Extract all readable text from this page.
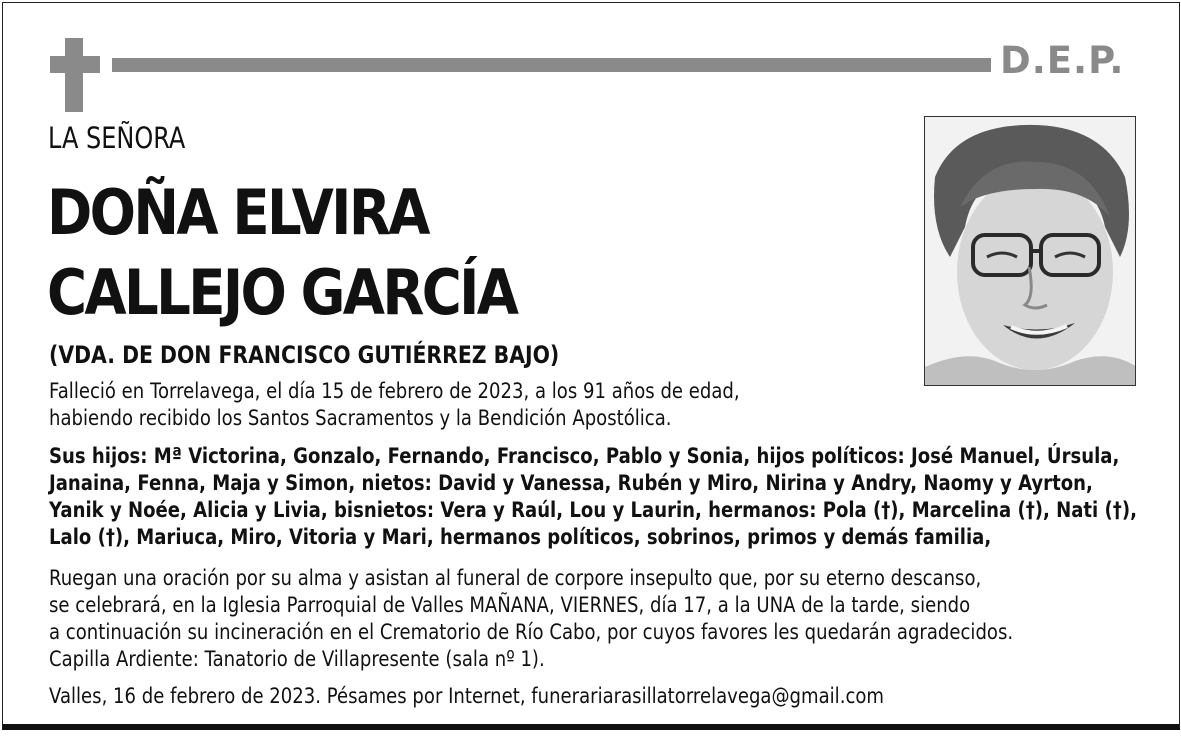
D.E.P.
LA SEÑORA
DOÑA ELVIRA
CALLEJO GARCÍA
(VDA. DE DON FRANCISCO GUTIÉRREZ BAJO)
Falleció en Torrelavega, el día 15 de febrero de 2023, a los 91 años de edad,
habiendo recibido los Santos Sacramentos y la Bendición Apostólica.
Sus hijos: Mª Victorina, Gonzalo, Fernando, Francisco, Pablo y Sonia, hijos políticos: José Manuel, Úrsula,
Janaina, Fenna, Maja y Simon, nietos: David y Vanessa, Rubén y Miro, Nirina y Andry, Naomy y Ayrton,
Yanik y Noée, Alicia y Livia, bisnietos: Vera y Raúl, Lou y Laurin, hermanos: Pola (†), Marcelina (†), Nati (†),
Lalo (†), Mariuca, Miro, Vitoria y Mari, hermanos políticos, sobrinos, primos y demás familia,
Ruegan una oración por su alma y asistan al funeral de corpore insepulto que, por su eterno descanso,
se celebrará, en la Iglesia Parroquial de Valles MAÑANA, VIERNES, día 17, a la UNA de la tarde, siendo
a continuación su incineración en el Crematorio de Río Cabo, por cuyos favores les quedarán agradecidos.
Capilla Ardiente: Tanatorio de Villapresente (sala nº 1).
Valles, 16 de febrero de 2023. Pésames por Internet, funerariarasillatorrelavega@gmail.com
